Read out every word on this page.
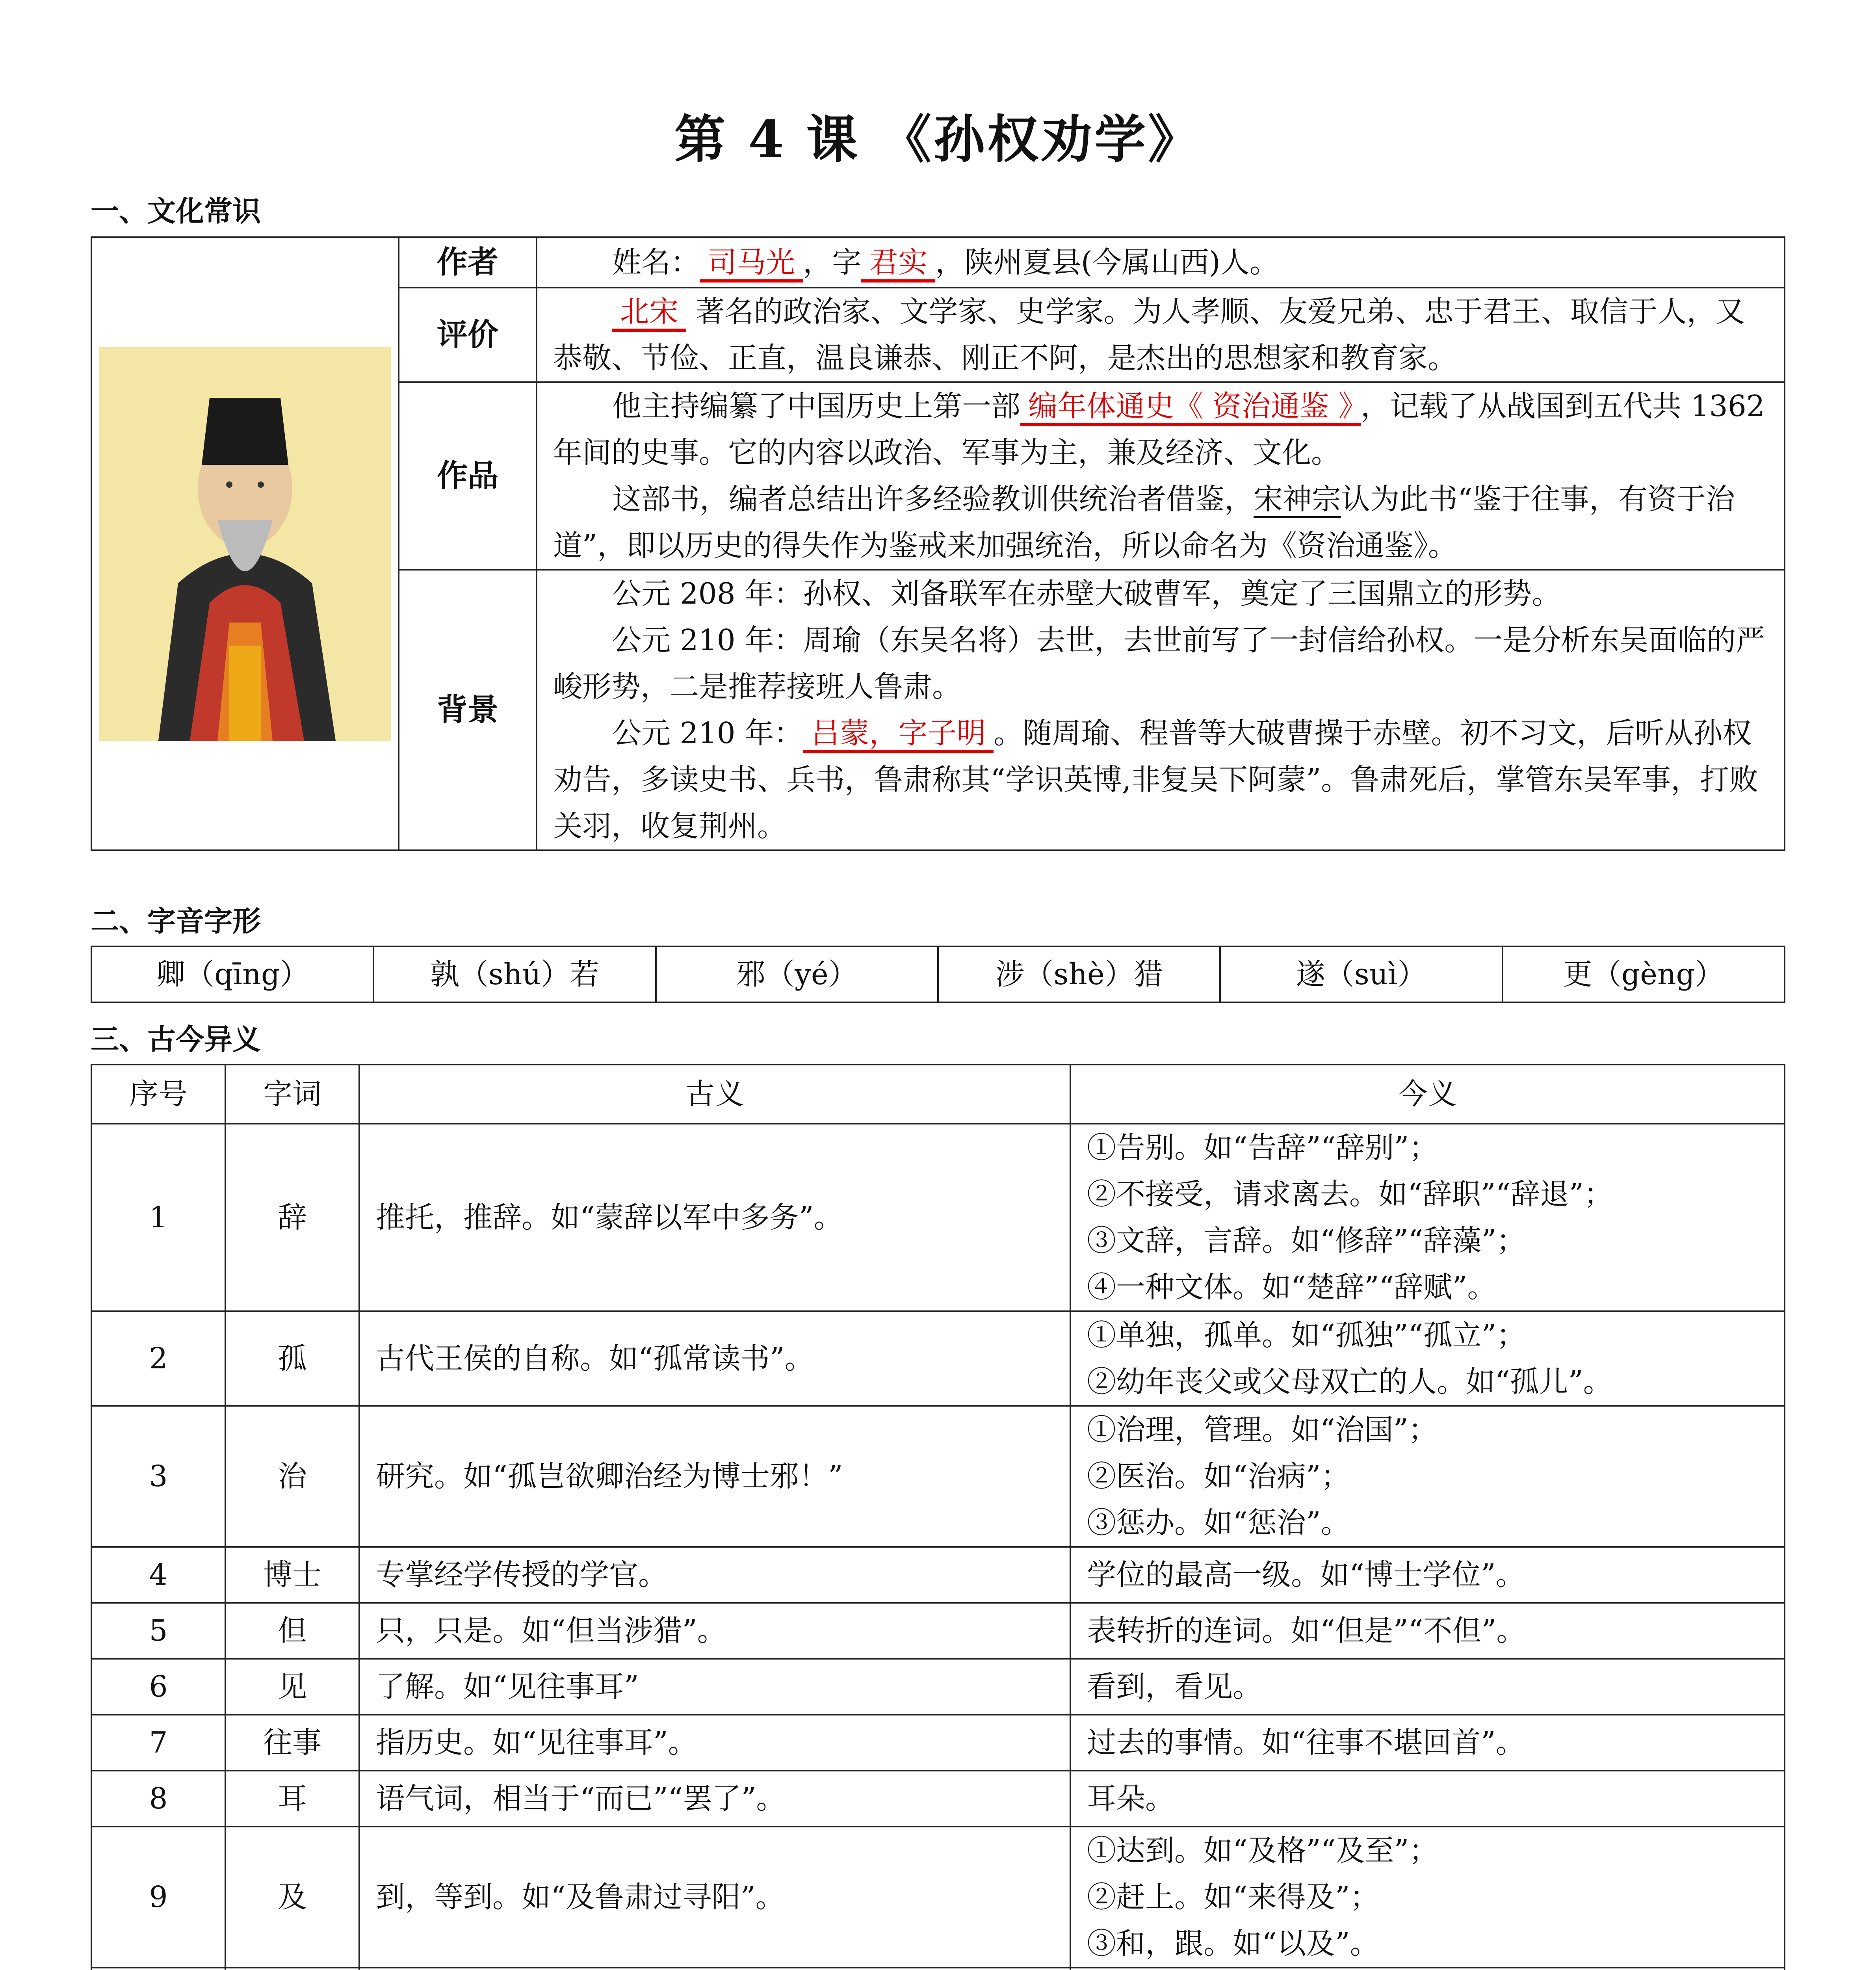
第 4 课 《孙权劝学》
一、文化常识
	作者	姓名： 司马光 ，字 君实 ，陕州夏县(今属山西)人。

	评价	北宋 著名的政治家、文学家、史学家。为人孝顺、友爱兄弟、忠于君王、取信于人，又恭敬、节俭、正直，温良谦恭、刚正不阿，是杰出的思想家和教育家。

	作品	他主持编纂了中国历史上第一部 编年体通史《 资治通鉴 》 ，记载了从战国到五代共 1362 年间的史事。它的内容以政治、军事为主，兼及经济、文化。

这部书，编者总结出许多经验教训供统治者借鉴，宋神宗认为此书“鉴于往事，有资于治道”，即以历史的得失作为鉴戒来加强统治，所以命名为《资治通鉴》。

	背景	公元 208 年：孙权、刘备联军在赤壁大破曹军，奠定了三国鼎立的形势。

公元 210 年：周瑜（东吴名将）去世，去世前写了一封信给孙权。一是分析东吴面临的严峻形势，二是推荐接班人鲁肃。

公元 210 年： 吕蒙，字子明 。随周瑜、程普等大破曹操于赤壁。初不习文，后听从孙权劝告，多读史书、兵书，鲁肃称其“学识英博,非复吴下阿蒙”。鲁肃死后，掌管东吴军事，打败关羽，收复荆州。

二、字音字形
卿（qīng）	孰（shú）若	邪（yé）	涉（shè）猎	遂（suì）	更（gèng）
三、古今异义
序号	字词	古义	今义
1	辞	推托，推辞。如“蒙辞以军中多务”。	①告别。如“告辞”“辞别”；
②不接受，请求离去。如“辞职”“辞退”；
③文辞，言辞。如“修辞”“辞藻”；
④一种文体。如“楚辞”“辞赋”。

2	孤	古代王侯的自称。如“孤常读书”。	①单独，孤单。如“孤独”“孤立”；
②幼年丧父或父母双亡的人。如“孤儿”。

3	治	研究。如“孤岂欲卿治经为博士邪！”	①治理，管理。如“治国”；
②医治。如“治病”；
③惩办。如“惩治”。

4	博士	专掌经学传授的学官。	学位的最高一级。如“博士学位”。
5	但	只，只是。如“但当涉猎”。	表转折的连词。如“但是”“不但”。
6	见	了解。如“见往事耳”	看到，看见。
7	往事	指历史。如“见往事耳”。	过去的事情。如“往事不堪回首”。
8	耳	语气词，相当于“而已”“罢了”。	耳朵。
9	及	到，等到。如“及鲁肃过寻阳”。	①达到。如“及格”“及至”；
②赶上。如“来得及”；
③和，跟。如“以及”。
